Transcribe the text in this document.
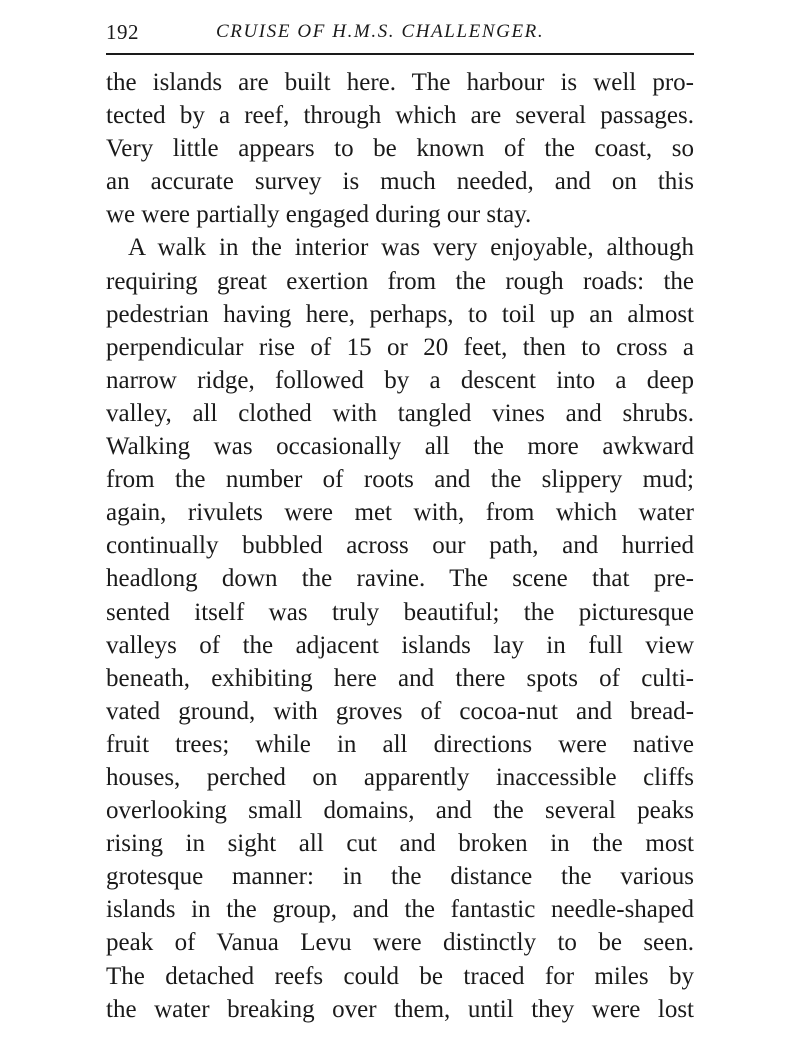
192	CRUISE OF H.M.S. CHALLENGER.
the islands are built here. The harbour is well pro-
tected by a reef, through which are several passages.
Very little appears to be known of the coast, so
an accurate survey is much needed, and on this
we were partially engaged during our stay.
A walk in the interior was very enjoyable, although
requiring great exertion from the rough roads: the
pedestrian having here, perhaps, to toil up an almost
perpendicular rise of 15 or 20 feet, then to cross a
narrow ridge, followed by a descent into a deep
valley, all clothed with tangled vines and shrubs.
Walking was occasionally all the more awkward
from the number of roots and the slippery mud;
again, rivulets were met with, from which water
continually bubbled across our path, and hurried
headlong down the ravine. The scene that pre-
sented itself was truly beautiful; the picturesque
valleys of the adjacent islands lay in full view
beneath, exhibiting here and there spots of culti-
vated ground, with groves of cocoa-nut and bread-
fruit trees; while in all directions were native
houses, perched on apparently inaccessible cliffs
overlooking small domains, and the several peaks
rising in sight all cut and broken in the most
grotesque manner: in the distance the various
islands in the group, and the fantastic needle-shaped
peak of Vanua Levu were distinctly to be seen.
The detached reefs could be traced for miles by
the water breaking over them, until they were lost
